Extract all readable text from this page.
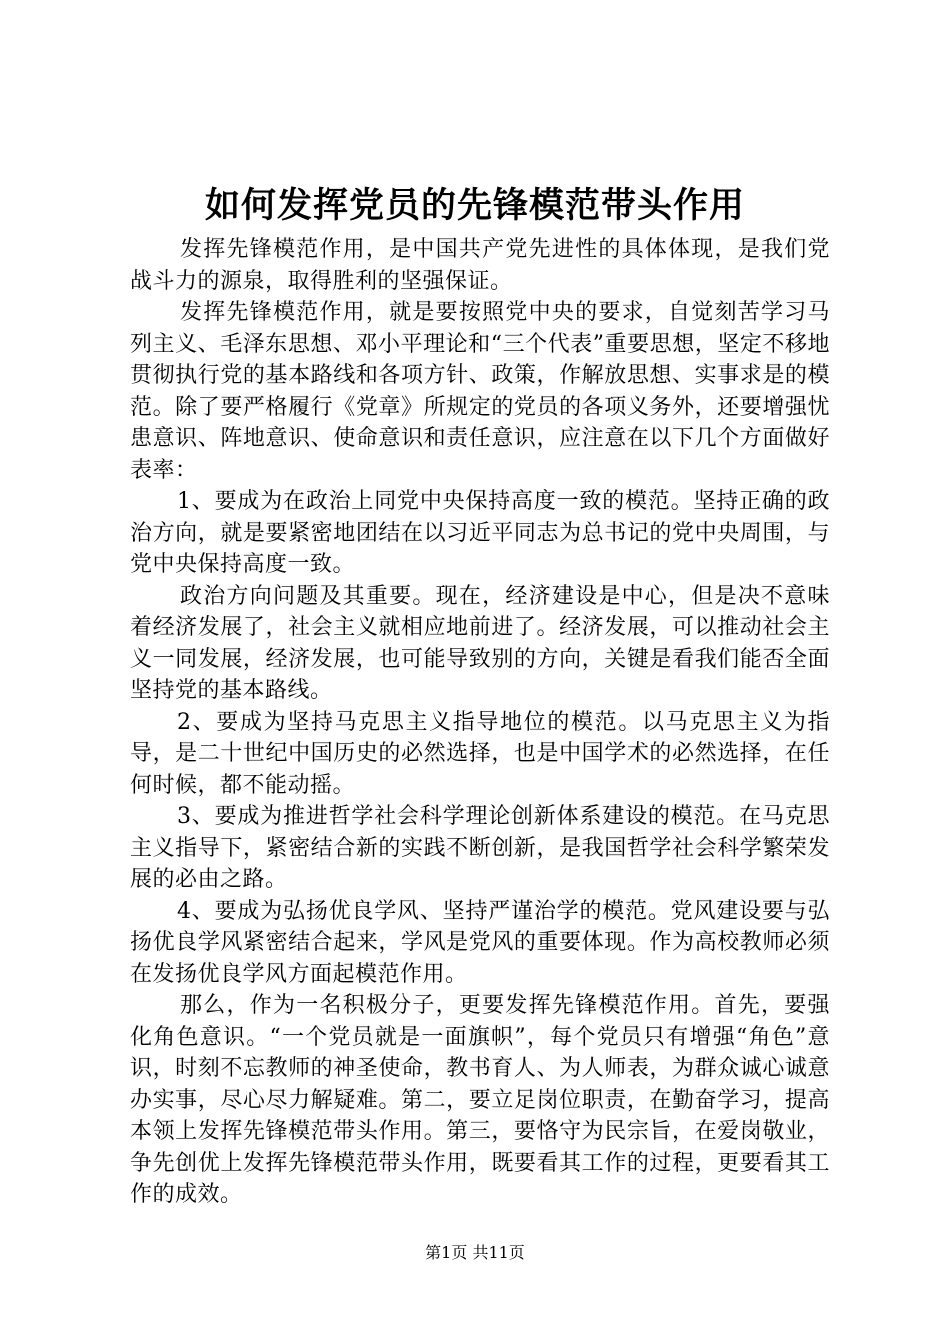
如何发挥党员的先锋模范带头作用

发挥先锋模范作用，是中国共产党先进性的具体体现，是我们党战斗力的源泉，取得胜利的坚强保证。

发挥先锋模范作用，就是要按照党中央的要求，自觉刻苦学习马列主义、毛泽东思想、邓小平理论和“三个代表”重要思想，坚定不移地贯彻执行党的基本路线和各项方针、政策，作解放思想、实事求是的模范。除了要严格履行《党章》所规定的党员的各项义务外，还要增强忧患意识、阵地意识、使命意识和责任意识，应注意在以下几个方面做好表率：

1、要成为在政治上同党中央保持高度一致的模范。坚持正确的政治方向，就是要紧密地团结在以习近平同志为总书记的党中央周围，与党中央保持高度一致。

政治方向问题及其重要。现在，经济建设是中心，但是决不意味着经济发展了，社会主义就相应地前进了。经济发展，可以推动社会主义一同发展，经济发展，也可能导致别的方向，关键是看我们能否全面坚持党的基本路线。

2、要成为坚持马克思主义指导地位的模范。以马克思主义为指导，是二十世纪中国历史的必然选择，也是中国学术的必然选择，在任何时候，都不能动摇。

3、要成为推进哲学社会科学理论创新体系建设的模范。在马克思主义指导下，紧密结合新的实践不断创新，是我国哲学社会科学繁荣发展的必由之路。

4、要成为弘扬优良学风、坚持严谨治学的模范。党风建设要与弘扬优良学风紧密结合起来，学风是党风的重要体现。作为高校教师必须在发扬优良学风方面起模范作用。

那么，作为一名积极分子，更要发挥先锋模范作用。首先，要强化角色意识。“一个党员就是一面旗帜”，每个党员只有增强“角色”意识，时刻不忘教师的神圣使命，教书育人、为人师表，为群众诚心诚意办实事，尽心尽力解疑难。第二，要立足岗位职责，在勤奋学习，提高本领上发挥先锋模范带头作用。第三，要恪守为民宗旨，在爱岗敬业，争先创优上发挥先锋模范带头作用，既要看其工作的过程，更要看其工作的成效。

第1页 共11页
